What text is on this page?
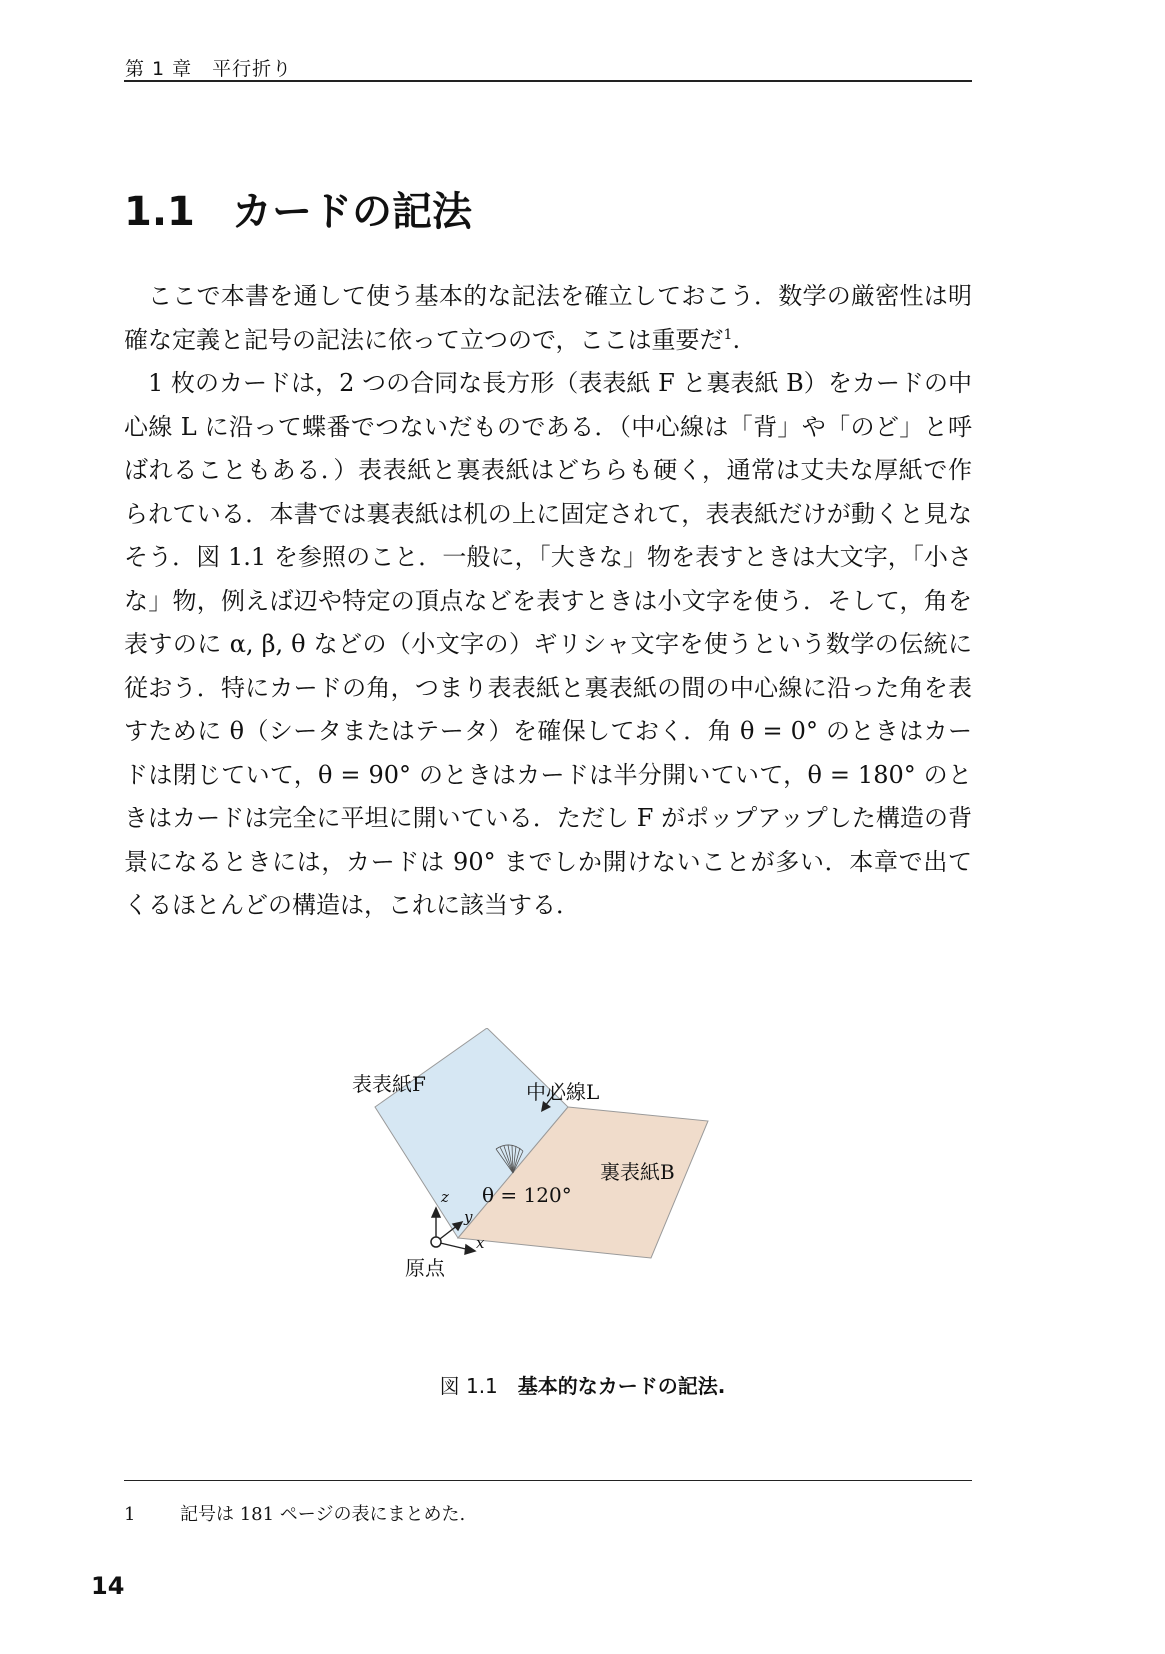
第 1 章　平行折り
1.1 カードの記法

ここで本書を通して使う基本的な記法を確立しておこう．数学の厳密性は明確な定義と記号の記法に依って立つので，ここは重要だ$^1$.

1 枚のカードは，2 つの合同な長方形（表表紙 F と裏表紙 B）をカードの中心線 L に沿って蝶番でつないだものである．（中心線は「背」や「のど」と呼ばれることもある．）表表紙と裏表紙はどちらも硬く，通常は丈夫な厚紙で作られている．本書では裏表紙は机の上に固定されて，表表紙だけが動くと見なそう．図 1.1 を参照のこと．一般に，「大きな」物を表すときは大文字，「小さな」物，例えば辺や特定の頂点などを表すときは小文字を使う．そして，角を表すのに α, β, θ などの（小文字の）ギリシャ文字を使うという数学の伝統に従おう．特にカードの角，つまり表表紙と裏表紙の間の中心線に沿った角を表すために θ（シータまたはテータ）を確保しておく．角 θ = 0° のときはカードは閉じていて，θ = 90° のときはカードは半分開いていて，θ = 180° のときはカードは完全に平坦に開いている．ただし F がポップアップした構造の背景になるときには，カードは 90° までしか開けないことが多い．本章で出てくるほとんどの構造は，これに該当する．

表表紙F	中心線L
裏表紙B
θ = 120°
z
y
x
原点
図 1.1 基本的なカードの記法.
1 記号は 181 ページの表にまとめた.
14
